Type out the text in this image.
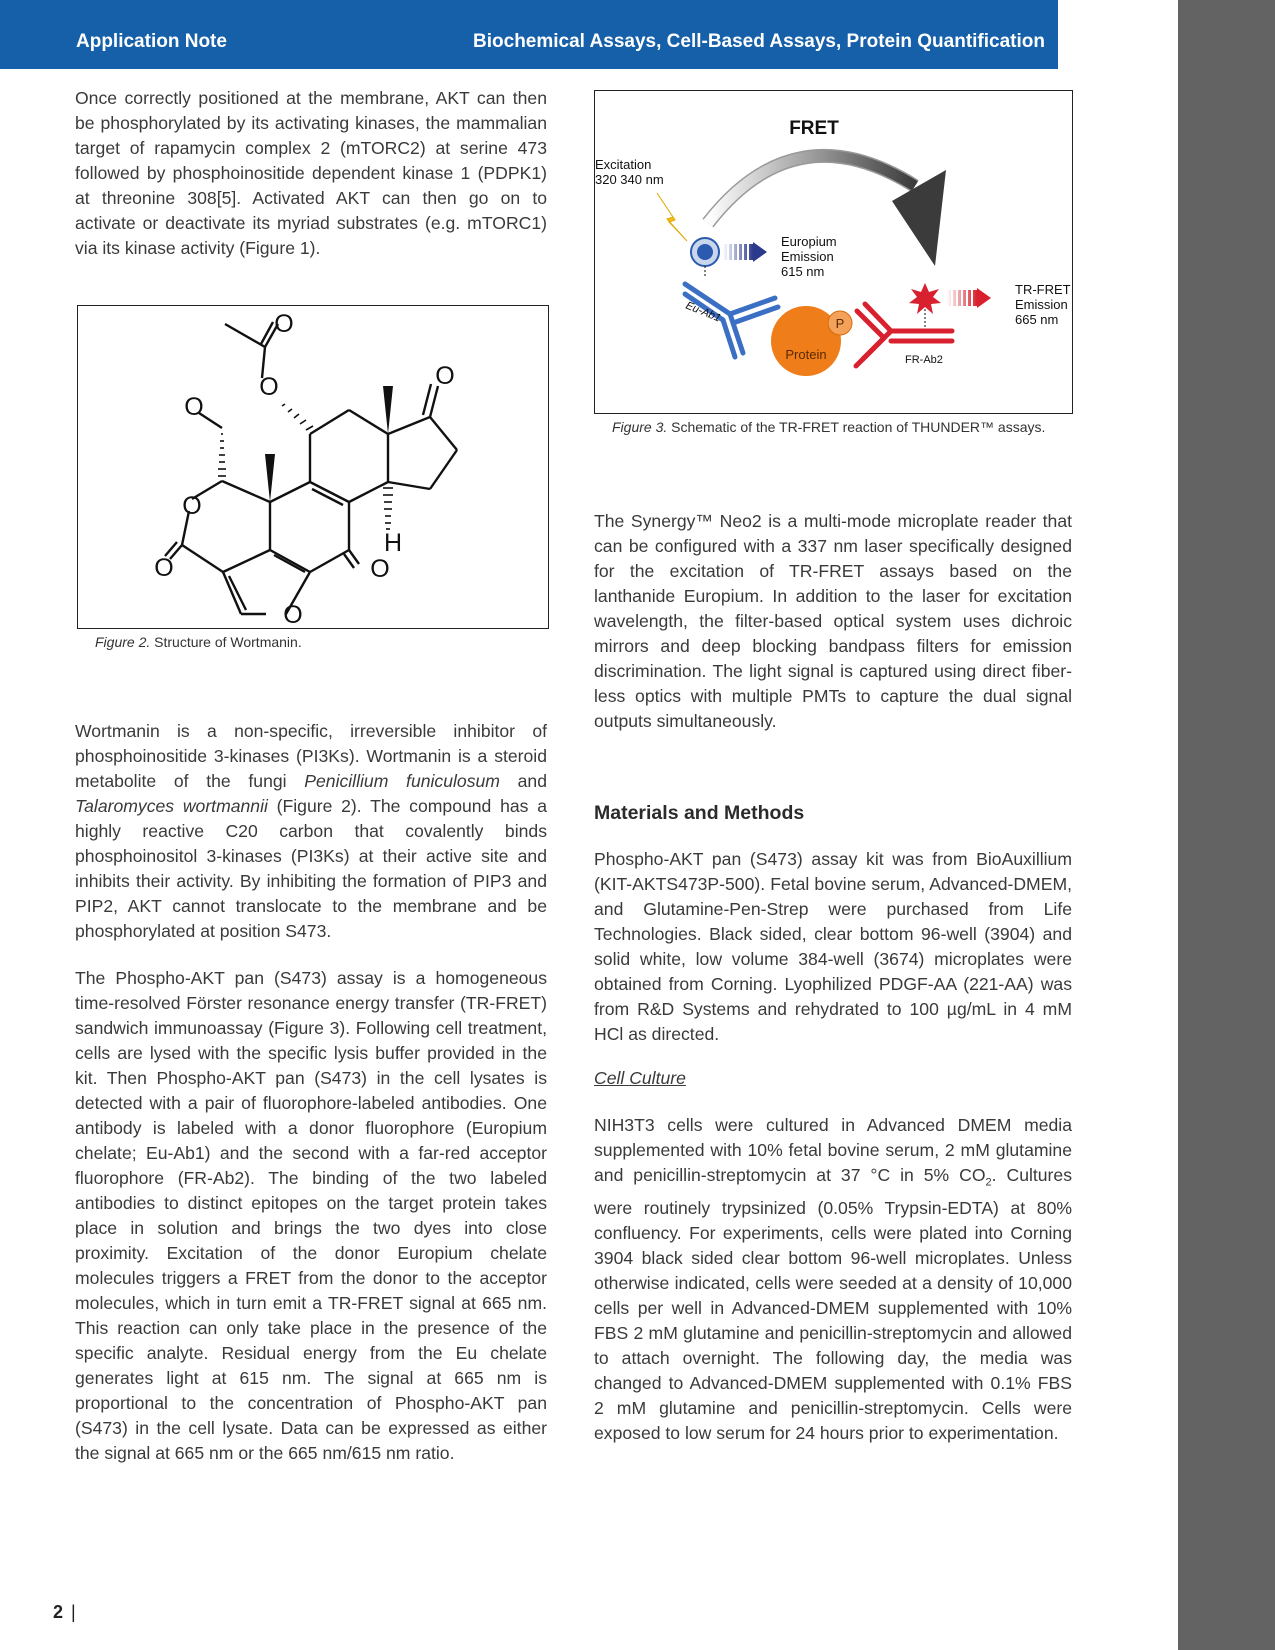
Application Note	Biochemical Assays, Cell-Based Assays, Protein Quantification
Once correctly positioned at the membrane, AKT can then be phosphorylated by its activating kinases, the mammalian target of rapamycin complex 2 (mTORC2) at serine 473 followed by phosphoinositide dependent kinase 1 (PDPK1) at threonine 308[5]. Activated AKT can then go on to activate or deactivate its myriad substrates (e.g. mTORC1) via its kinase activity (Figure 1).
O
O
O
O
O
O	O
O
H
Figure 2. Structure of Wortmanin.
FRET
Excitation
320 340 nm
Europium
Emission
615 nm
TR-FRET
Emission
665 nm
Eu-Ab1
FR-Ab2
Protein
P
Figure 3. Schematic of the TR-FRET reaction of THUNDER™ assays.
The Synergy™ Neo2 is a multi-mode microplate reader that can be configured with a 337 nm laser specifically designed for the excitation of TR-FRET assays based on the lanthanide Europium. In addition to the laser for excitation wavelength, the filter-based optical system uses dichroic mirrors and deep blocking bandpass filters for emission discrimination. The light signal is captured using direct fiber-less optics with multiple PMTs to capture the dual signal outputs simultaneously.
Wortmanin is a non-specific, irreversible inhibitor of phosphoinositide 3-kinases (PI3Ks). Wortmanin is a steroid metabolite of the fungi Penicillium funiculosum and Talaromyces wortmannii (Figure 2). The compound has a highly reactive C20 carbon that covalently binds phosphoinositol 3-kinases (PI3Ks) at their active site and inhibits their activity. By inhibiting the formation of PIP3 and PIP2, AKT cannot translocate to the membrane and be phosphorylated at position S473.
The Phospho-AKT pan (S473) assay is a homogeneous time-resolved Förster resonance energy transfer (TR-FRET) sandwich immunoassay (Figure 3). Following cell treatment, cells are lysed with the specific lysis buffer provided in the kit. Then Phospho-AKT pan (S473) in the cell lysates is detected with a pair of fluorophore-labeled antibodies. One antibody is labeled with a donor fluorophore (Europium chelate; Eu-Ab1) and the second with a far-red acceptor fluorophore (FR-Ab2). The binding of the two labeled antibodies to distinct epitopes on the target protein takes place in solution and brings the two dyes into close proximity. Excitation of the donor Europium chelate molecules triggers a FRET from the donor to the acceptor molecules, which in turn emit a TR-FRET signal at 665 nm. This reaction can only take place in the presence of the specific analyte. Residual energy from the Eu chelate generates light at 615 nm. The signal at 665 nm is proportional to the concentration of Phospho-AKT pan (S473) in the cell lysate. Data can be expressed as either the signal at 665 nm or the 665 nm/615 nm ratio.
Materials and Methods
Phospho-AKT pan (S473) assay kit was from BioAuxillium (KIT-AKTS473P-500). Fetal bovine serum, Advanced-DMEM, and Glutamine-Pen-Strep were purchased from Life Technologies. Black sided, clear bottom 96-well (3904) and solid white, low volume 384-well (3674) microplates were obtained from Corning. Lyophilized PDGF-AA (221-AA) was from R&D Systems and rehydrated to 100 µg/mL in 4 mM HCl as directed.
Cell Culture
NIH3T3 cells were cultured in Advanced DMEM media supplemented with 10% fetal bovine serum, 2 mM glutamine and penicillin-streptomycin at 37 °C in 5% $CO_2$. Cultures were routinely trypsinized (0.05% Trypsin-EDTA) at 80% confluency. For experiments, cells were plated into Corning 3904 black sided clear bottom 96-well microplates. Unless otherwise indicated, cells were seeded at a density of 10,000 cells per well in Advanced-DMEM supplemented with 10% FBS 2 mM glutamine and penicillin-streptomycin and allowed to attach overnight. The following day, the media was changed to Advanced-DMEM supplemented with 0.1% FBS 2 mM glutamine and penicillin-streptomycin. Cells were exposed to low serum for 24 hours prior to experimentation.
2 |
